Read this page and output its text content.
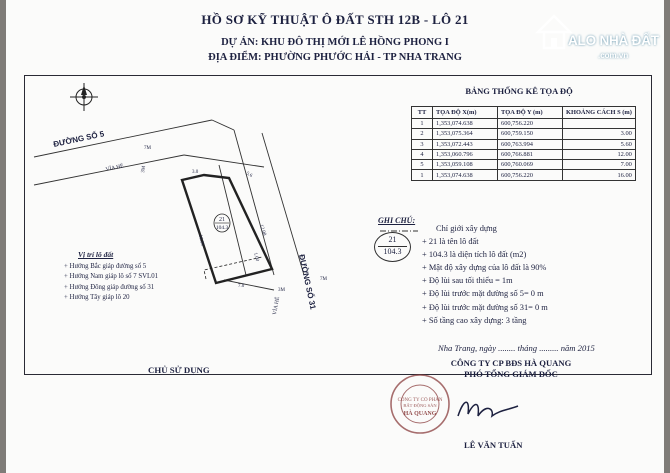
HỒ SƠ KỸ THUẬT Ô ĐẤT STH 12B - LÔ 21
DỰ ÁN: KHU ĐÔ THỊ MỚI LÊ HỒNG PHONG I
ĐỊA ĐIỂM: PHƯỜNG PHƯỚC HẢI - TP NHA TRANG
21
104.3
3.0	5.6
16.00
12.00
7.0
1.00
ĐƯỜNG SỐ 5
ĐƯỜNG SỐ 31
VỈA HÈ
VỈA HÈ
7M
3M
7M
3M
Vị trí lô đất
+ Hướng Bắc giáp đường số 5
+ Hướng Nam giáp lô số 7 SVL01
+ Hướng Đông giáp đường số 31
+ Hướng Tây giáp lô 20
BẢNG THỐNG KÊ TỌA ĐỘ
TT	TỌA ĐỘ X(m)	TỌA ĐỘ Y (m)	KHOẢNG CÁCH S (m)
1	1,353,074.638	600,756.220	
2	1,353,075.364	600,759.150	3.00
3	1,353,072.443	600,763.994	5.60
4	1,353,060.796	600,766.881	12.00
5	1,353,059.108	600,760.069	7.00
1	1,353,074.638	600,756.220	16.00
GHI CHÚ:
21
104.3
Chỉ giới xây dựng
+ 21 là tên lô đất
+ 104.3 là diện tích lô đất (m2)
+ Mật độ xây dựng của lô đất là 90%
+ Độ lùi sau tối thiểu = 1m
+ Độ lùi trước mặt đường số 5= 0 m
+ Độ lùi trước mặt đường số 31= 0 m
+ Số tầng cao xây dựng: 3 tầng
Nha Trang, ngày ........ tháng ......... năm 2015
CÔNG TY CP BĐS HÀ QUANG
PHÓ TỔNG GIÁM ĐỐC
CHỦ SỬ DỤNG
CÔNG TY CỔ PHẦN
BẤT ĐỘNG SẢN
HÀ QUANG
LÊ VĂN TUẤN
ALO NHÀ ĐẤT
.com.vn
